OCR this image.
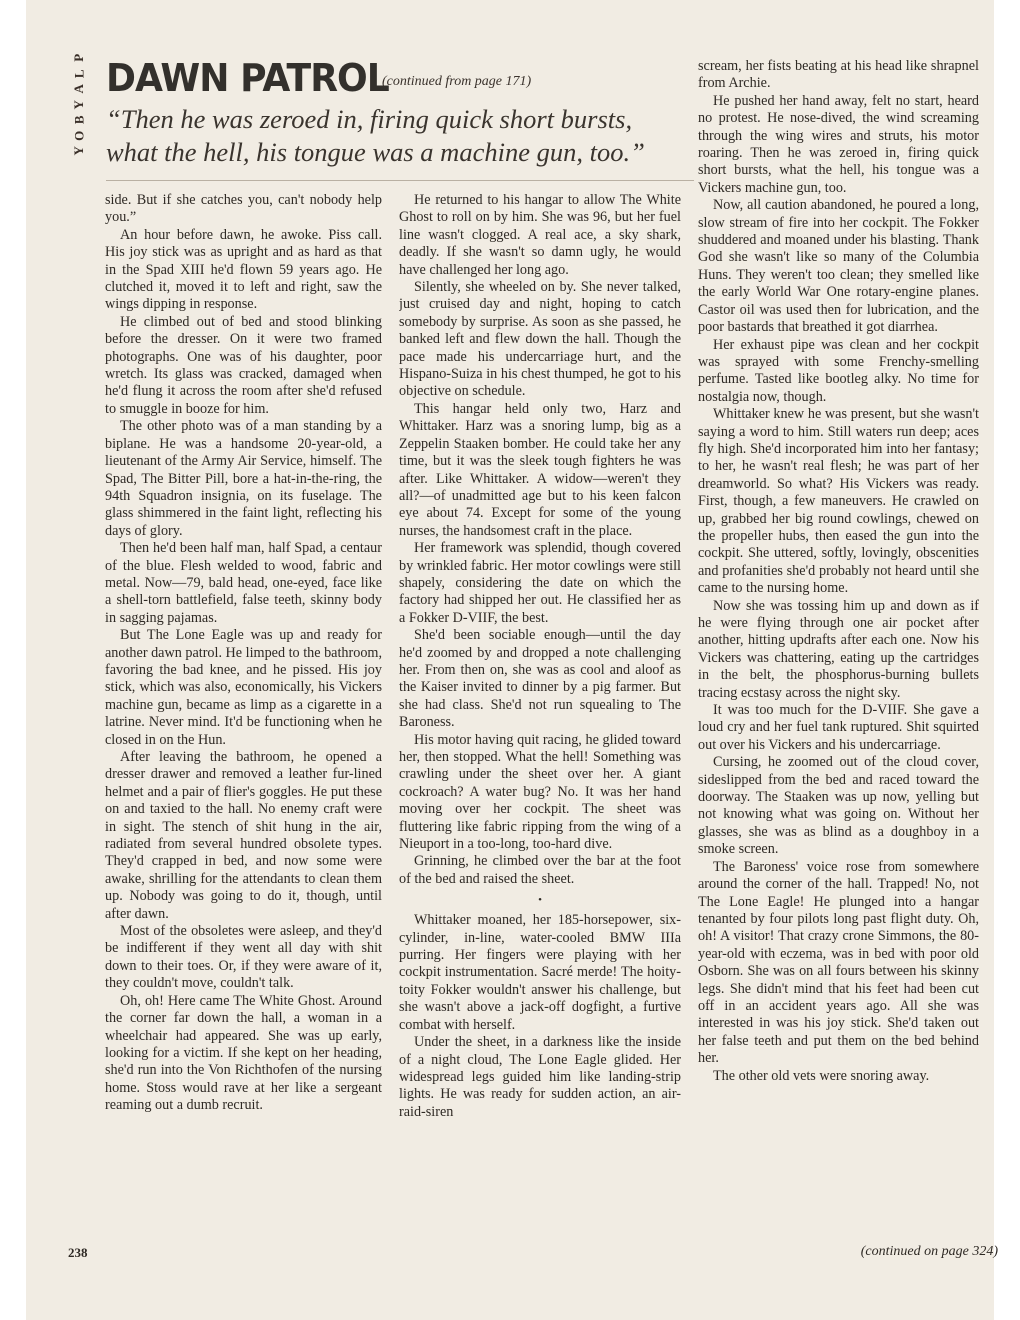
P
L
A
Y
B
O
Y
DAWN PATROL
(continued from page 171)
“Then he was zeroed in, firing quick short bursts,
what the hell, his tongue was a machine gun, too.”

side. But if she catches you, can't nobody help you.”

An hour before dawn, he awoke. Piss call. His joy stick was as upright and as hard as that in the Spad XIII he'd flown 59 years ago. He clutched it, moved it to left and right, saw the wings dipping in response.

He climbed out of bed and stood blinking before the dresser. On it were two framed photographs. One was of his daughter, poor wretch. Its glass was cracked, damaged when he'd flung it across the room after she'd refused to smuggle in booze for him.

The other photo was of a man standing by a biplane. He was a handsome 20-year-old, a lieutenant of the Army Air Service, himself. The Spad, The Bitter Pill, bore a hat-in-the-ring, the 94th Squadron insignia, on its fuselage. The glass shimmered in the faint light, reflecting his days of glory.

Then he'd been half man, half Spad, a centaur of the blue. Flesh welded to wood, fabric and metal. Now—79, bald head, one-eyed, face like a shell-torn battlefield, false teeth, skinny body in sagging pajamas.

But The Lone Eagle was up and ready for another dawn patrol. He limped to the bathroom, favoring the bad knee, and he pissed. His joy stick, which was also, economically, his Vickers machine gun, became as limp as a cigarette in a latrine. Never mind. It'd be functioning when he closed in on the Hun.

After leaving the bathroom, he opened a dresser drawer and removed a leather fur-lined helmet and a pair of flier's goggles. He put these on and taxied to the hall. No enemy craft were in sight. The stench of shit hung in the air, radiated from several hundred obsolete types. They'd crapped in bed, and now some were awake, shrilling for the attendants to clean them up. Nobody was going to do it, though, until after dawn.

Most of the obsoletes were asleep, and they'd be indifferent if they went all day with shit down to their toes. Or, if they were aware of it, they couldn't move, couldn't talk.

Oh, oh! Here came The White Ghost. Around the corner far down the hall, a woman in a wheelchair had appeared. She was up early, looking for a victim. If she kept on her heading, she'd run into the Von Richthofen of the nursing home. Stoss would rave at her like a sergeant reaming out a dumb recruit.

He returned to his hangar to allow The White Ghost to roll on by him. She was 96, but her fuel line wasn't clogged. A real ace, a sky shark, deadly. If she wasn't so damn ugly, he would have challenged her long ago.

Silently, she wheeled on by. She never talked, just cruised day and night, hoping to catch somebody by surprise. As soon as she passed, he banked left and flew down the hall. Though the pace made his undercarriage hurt, and the Hispano-Suiza in his chest thumped, he got to his objective on schedule.

This hangar held only two, Harz and Whittaker. Harz was a snoring lump, big as a Zeppelin Staaken bomber. He could take her any time, but it was the sleek tough fighters he was after. Like Whittaker. A widow—weren't they all?—of unadmitted age but to his keen falcon eye about 74. Except for some of the young nurses, the handsomest craft in the place.

Her framework was splendid, though covered by wrinkled fabric. Her motor cowlings were still shapely, considering the date on which the factory had shipped her out. He classified her as a Fokker D-VIIF, the best.

She'd been sociable enough—until the day he'd zoomed by and dropped a note challenging her. From then on, she was as cool and aloof as the Kaiser invited to dinner by a pig farmer. But she had class. She'd not run squealing to The Baroness.

His motor having quit racing, he glided toward her, then stopped. What the hell! Something was crawling under the sheet over her. A giant cockroach? A water bug? No. It was her hand moving over her cockpit. The sheet was fluttering like fabric ripping from the wing of a Nieuport in a too-long, too-hard dive.

Grinning, he climbed over the bar at the foot of the bed and raised the sheet.

•

Whittaker moaned, her 185-horsepower, six-cylinder, in-line, water-cooled BMW IIIa purring. Her fingers were playing with her cockpit instrumentation. Sacré merde! The hoity-toity Fokker wouldn't answer his challenge, but she wasn't above a jack-off dogfight, a furtive combat with herself.

Under the sheet, in a darkness like the inside of a night cloud, The Lone Eagle glided. Her widespread legs guided him like landing-strip lights. He was ready for sudden action, an air-raid-siren

scream, her fists beating at his head like shrapnel from Archie.

He pushed her hand away, felt no start, heard no protest. He nose-dived, the wind screaming through the wing wires and struts, his motor roaring. Then he was zeroed in, firing quick short bursts, what the hell, his tongue was a Vickers machine gun, too.

Now, all caution abandoned, he poured a long, slow stream of fire into her cockpit. The Fokker shuddered and moaned under his blasting. Thank God she wasn't like so many of the Columbia Huns. They weren't too clean; they smelled like the early World War One rotary-engine planes. Castor oil was used then for lubrication, and the poor bastards that breathed it got diarrhea.

Her exhaust pipe was clean and her cockpit was sprayed with some Frenchy-smelling perfume. Tasted like bootleg alky. No time for nostalgia now, though.

Whittaker knew he was present, but she wasn't saying a word to him. Still waters run deep; aces fly high. She'd incorporated him into her fantasy; to her, he wasn't real flesh; he was part of her dreamworld. So what? His Vickers was ready. First, though, a few maneuvers. He crawled on up, grabbed her big round cowlings, chewed on the propeller hubs, then eased the gun into the cockpit. She uttered, softly, lovingly, obscenities and profanities she'd probably not heard until she came to the nursing home.

Now she was tossing him up and down as if he were flying through one air pocket after another, hitting updrafts after each one. Now his Vickers was chattering, eating up the cartridges in the belt, the phosphorus-burning bullets tracing ecstasy across the night sky.

It was too much for the D-VIIF. She gave a loud cry and her fuel tank ruptured. Shit squirted out over his Vickers and his undercarriage.

Cursing, he zoomed out of the cloud cover, sideslipped from the bed and raced toward the doorway. The Staaken was up now, yelling but not knowing what was going on. Without her glasses, she was as blind as a doughboy in a smoke screen.

The Baroness' voice rose from somewhere around the corner of the hall. Trapped! No, not The Lone Eagle! He plunged into a hangar tenanted by four pilots long past flight duty. Oh, oh! A visitor! That crazy crone Simmons, the 80-year-old with eczema, was in bed with poor old Osborn. She was on all fours between his skinny legs. She didn't mind that his feet had been cut off in an accident years ago. All she was interested in was his joy stick. She'd taken out her false teeth and put them on the bed behind her.

The other old vets were snoring away.

238	(continued on page 324)
